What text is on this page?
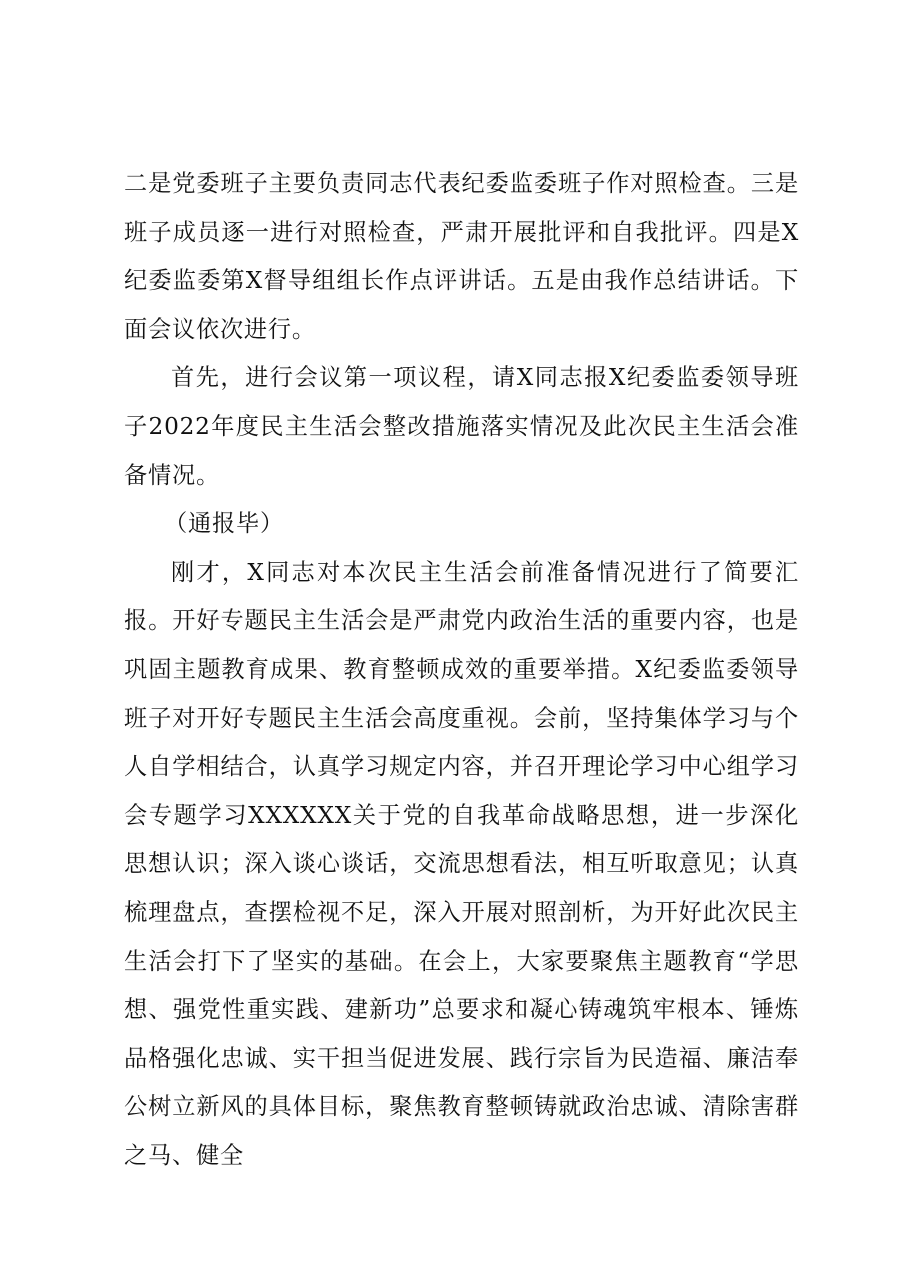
二是党委班子主要负责同志代表纪委监委班子作对照检查。三是班子成员逐一进行对照检查，严肃开展批评和自我批评。四是X纪委监委第X督导组组长作点评讲话。五是由我作总结讲话。下面会议依次进行。

首先，进行会议第一项议程，请X同志报X纪委监委领导班子2022年度民主生活会整改措施落实情况及此次民主生活会准备情况。

（通报毕）

刚才，X同志对本次民主生活会前准备情况进行了简要汇报。开好专题民主生活会是严肃党内政治生活的重要内容，也是巩固主题教育成果、教育整顿成效的重要举措。X纪委监委领导班子对开好专题民主生活会高度重视。会前，坚持集体学习与个人自学相结合，认真学习规定内容，并召开理论学习中心组学习会专题学习XXXXXX关于党的自我革命战略思想，进一步深化思想认识；深入谈心谈话，交流思想看法，相互听取意见；认真梳理盘点，查摆检视不足，深入开展对照剖析，为开好此次民主生活会打下了坚实的基础。在会上，大家要聚焦主题教育“学思想、强党性重实践、建新功”总要求和凝心铸魂筑牢根本、锤炼品格强化忠诚、实干担当促进发展、践行宗旨为民造福、廉洁奉公树立新风的具体目标，聚焦教育整顿铸就政治忠诚、清除害群之马、健全
